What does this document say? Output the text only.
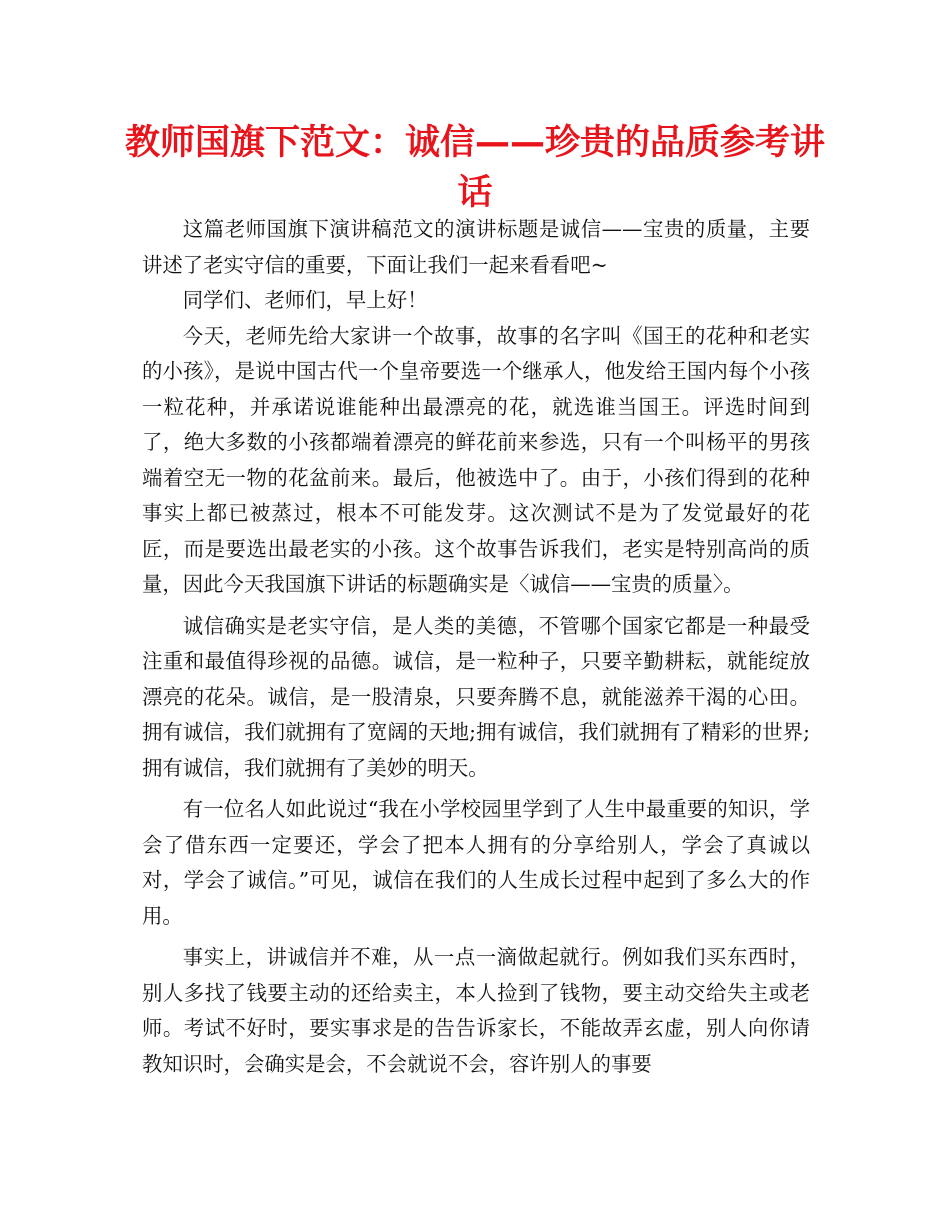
教师国旗下范文：诚信——珍贵的品质参考讲话

这篇老师国旗下演讲稿范文的演讲标题是诚信——宝贵的质量，主要讲述了老实守信的重要，下面让我们一起来看看吧~

同学们、老师们，早上好！

今天，老师先给大家讲一个故事，故事的名字叫《国王的花种和老实的小孩》，是说中国古代一个皇帝要选一个继承人，他发给王国内每个小孩一粒花种，并承诺说谁能种出最漂亮的花，就选谁当国王。评选时间到了，绝大多数的小孩都端着漂亮的鲜花前来参选，只有一个叫杨平的男孩端着空无一物的花盆前来。最后，他被选中了。由于，小孩们得到的花种事实上都已被蒸过，根本不可能发芽。这次测试不是为了发觉最好的花匠，而是要选出最老实的小孩。这个故事告诉我们，老实是特别高尚的质量，因此今天我国旗下讲话的标题确实是〈诚信——宝贵的质量〉。

诚信确实是老实守信，是人类的美德，不管哪个国家它都是一种最受注重和最值得珍视的品德。诚信，是一粒种子，只要辛勤耕耘，就能绽放漂亮的花朵。诚信，是一股清泉，只要奔腾不息，就能滋养干渴的心田。拥有诚信，我们就拥有了宽阔的天地;拥有诚信，我们就拥有了精彩的世界;拥有诚信，我们就拥有了美妙的明天。

有一位名人如此说过“我在小学校园里学到了人生中最重要的知识，学会了借东西一定要还，学会了把本人拥有的分享给别人，学会了真诚以对，学会了诚信。”可见，诚信在我们的人生成长过程中起到了多么大的作用。

事实上，讲诚信并不难，从一点一滴做起就行。例如我们买东西时，别人多找了钱要主动的还给卖主，本人捡到了钱物，要主动交给失主或老师。考试不好时，要实事求是的告告诉家长，不能故弄玄虚，别人向你请教知识时，会确实是会，不会就说不会，容许别人的事要
